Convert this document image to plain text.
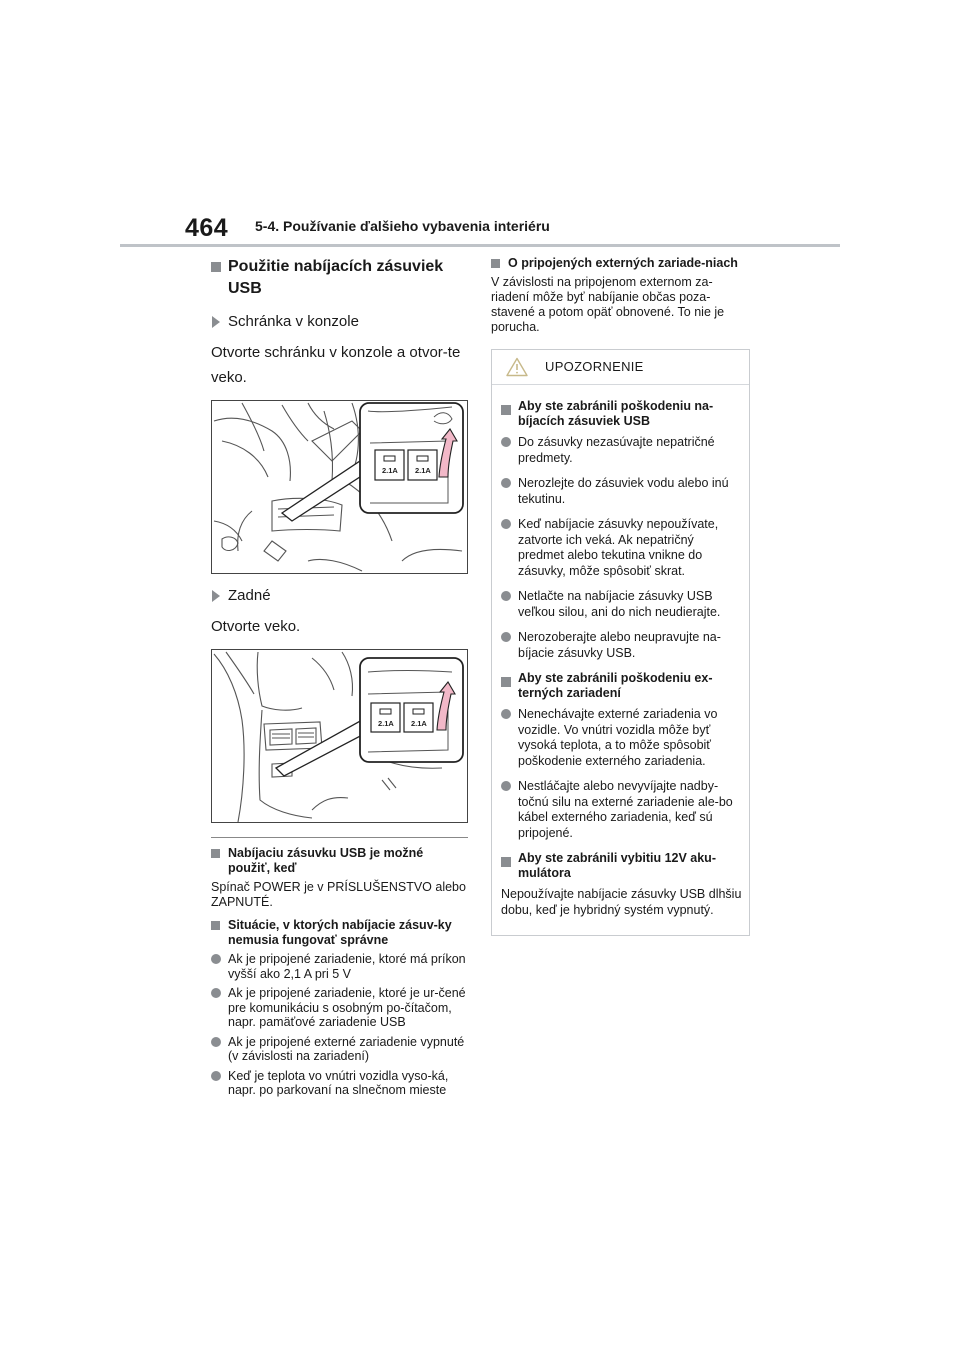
464 5-4. Používanie ďalšieho vybavenia interiéru
Použitie nabíjacích zásuviek USB
Schránka v konzole
Otvorte schránku v konzole a otvor-te veko.
2.1A 2.1A
Zadné
Otvorte veko.
2.1A 2.1A
Nabíjaciu zásuvku USB je možné použiť, keď
Spínač POWER je v PRÍSLUŠENSTVO alebo ZAPNUTÉ.
Situácie, v ktorých nabíjacie zásuv-ky nemusia fungovať správne
Ak je pripojené zariadenie, ktoré má príkon vyšší ako 2,1 A pri 5 V
Ak je pripojené zariadenie, ktoré je ur-čené pre komunikáciu s osobným po-čítačom, napr. pamäťové zariadenie USB
Ak je pripojené externé zariadenie vypnuté (v závislosti na zariadení)
Keď je teplota vo vnútri vozidla vyso-ká, napr. po parkovaní na slnečnom mieste
O pripojených externých zariade-niach
V závislosti na pripojenom externom za-riadení môže byť nabíjanie občas poza-stavené a potom opäť obnovené. To nie je porucha.
UPOZORNENIE
Aby ste zabránili poškodeniu na-bíjacích zásuviek USB
Do zásuvky nezasúvajte nepatričné predmety.
Nerozlejte do zásuviek vodu alebo inú tekutinu.
Keď nabíjacie zásuvky nepoužívate, zatvorte ich veká. Ak nepatričný predmet alebo tekutina vnikne do zásuvky, môže spôsobiť skrat.
Netlačte na nabíjacie zásuvky USB veľkou silou, ani do nich neudierajte.
Nerozoberajte alebo neupravujte na-bíjacie zásuvky USB.
Aby ste zabránili poškodeniu ex-terných zariadení
Nenechávajte externé zariadenia vo vozidle. Vo vnútri vozidla môže byť vysoká teplota, a to môže spôsobiť poškodenie externého zariadenia.
Nestláčajte alebo nevyvíjajte nadby-točnú silu na externé zariadenie ale-bo kábel externého zariadenia, keď sú pripojené.
Aby ste zabránili vybitiu 12V aku-mulátora
Nepoužívajte nabíjacie zásuvky USB dlhšiu dobu, keď je hybridný systém vypnutý.
